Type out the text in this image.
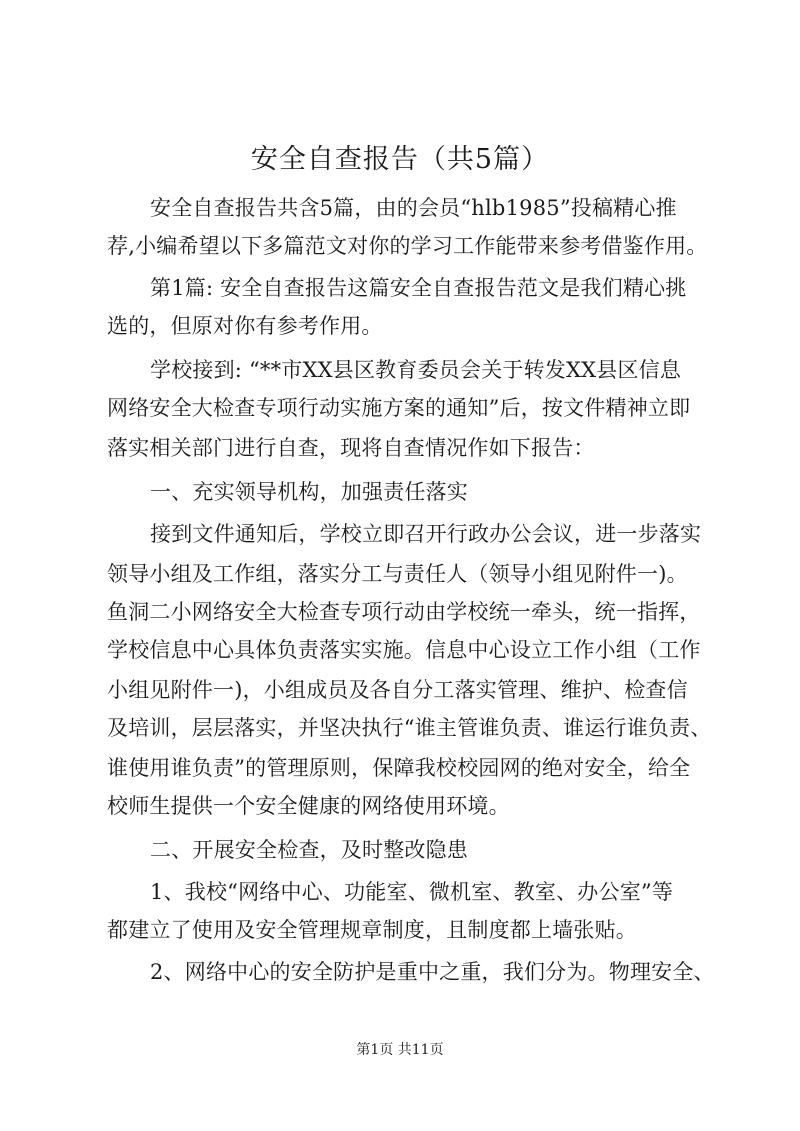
安全自查报告（共5篇）

安全自查报告共含5篇，由的会员“hlb1985”投稿精心推

荐,小编希望以下多篇范文对你的学习工作能带来参考借鉴作用。

第1篇: 安全自查报告这篇安全自查报告范文是我们精心挑

选的，但原对你有参考作用。

学校接到: “**市XX县区教育委员会关于转发XX县区信息

网络安全大检查专项行动实施方案的通知”后，按文件精神立即

落实相关部门进行自查，现将自查情况作如下报告：

一、充实领导机构，加强责任落实

接到文件通知后，学校立即召开行政办公会议，进一步落实

领导小组及工作组，落实分工与责任人（领导小组见附件一)。

鱼洞二小网络安全大检查专项行动由学校统一牵头，统一指挥，

学校信息中心具体负责落实实施。信息中心设立工作小组（工作

小组见附件一)，小组成员及各自分工落实管理、维护、检查信

及培训，层层落实，并坚决执行“谁主管谁负责、谁运行谁负责、

谁使用谁负责”的管理原则，保障我校校园网的绝对安全，给全

校师生提供一个安全健康的网络使用环境。

二、开展安全检查，及时整改隐患

1、我校“网络中心、功能室、微机室、教室、办公室”等

都建立了使用及安全管理规章制度，且制度都上墙张贴。

2、网络中心的安全防护是重中之重，我们分为。物理安全、

第1页 共11页
